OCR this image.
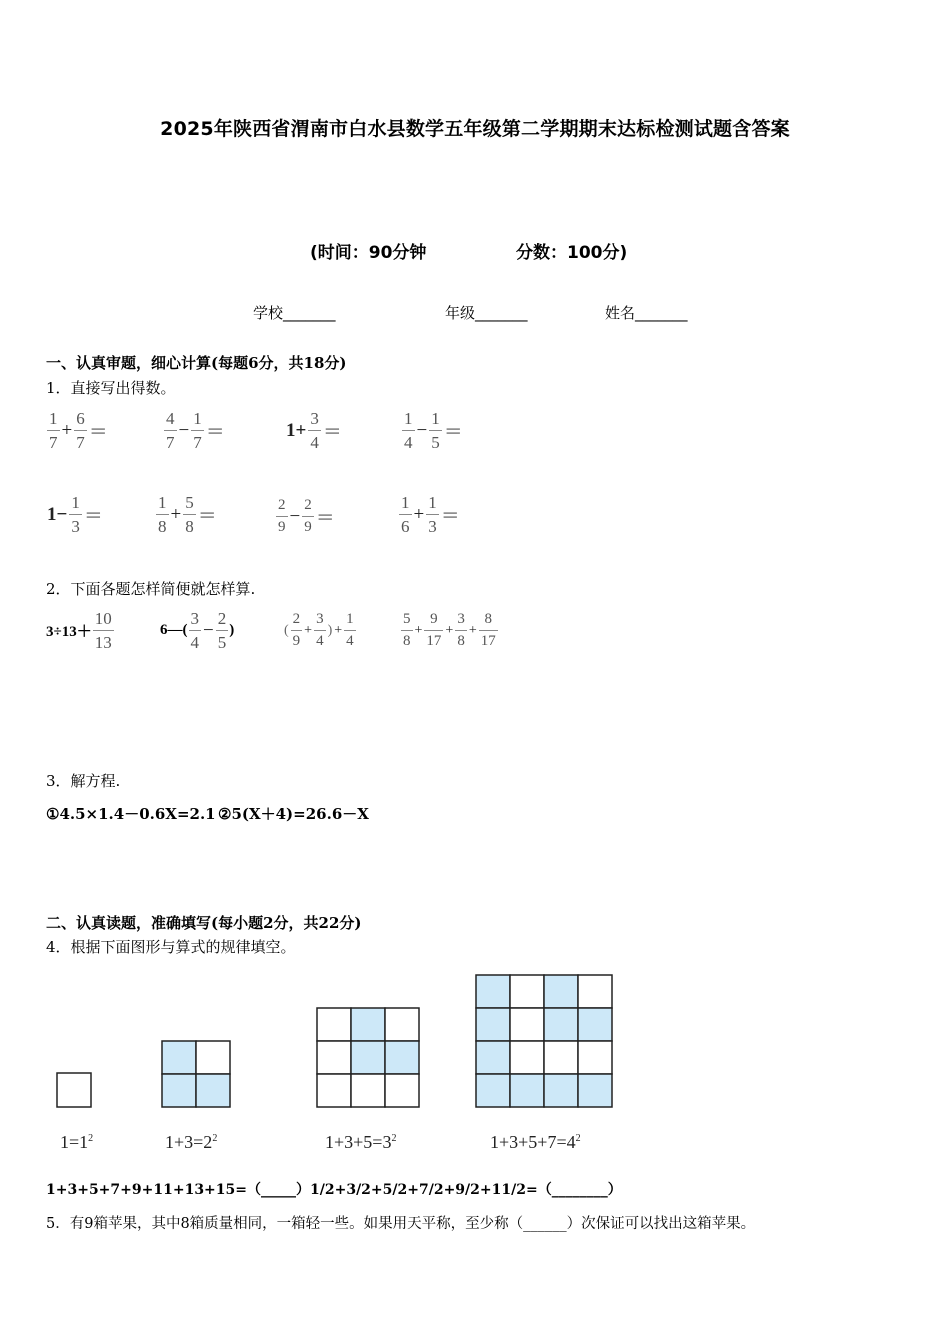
2025年陕西省渭南市白水县数学五年级第二学期期末达标检测试题含答案
(时间：90分钟	分数：100分)
学校_______	年级_______	姓名_______
一、认真审题，细心计算(每题6分，共18分)
1．直接写出得数。
$\frac{1}{7} + \frac{6}{7}$ ＝	$\frac{4}{7} - \frac{1}{7}$ ＝	$1+ \frac{3}{4}$ ＝	$\frac{1}{4} - \frac{1}{5}$ ＝
$1- \frac{1}{3}$ ＝	$\frac{1}{8} + \frac{5}{8}$ ＝	$\frac{2}{9} - \frac{2}{9}$ ＝	$\frac{1}{6} + \frac{1}{3}$ ＝
2．下面各题怎样简便就怎样算.
$3\div 13+ \frac{10}{13}$	6—( $\frac{3}{4} - \frac{2}{5}$ )	( $\frac{2}{9} + \frac{3}{4}$ ) + $\frac{1}{4}$	$\frac{5}{8} + \frac{9}{17} + \frac{3}{8} + \frac{8}{17}$
3．解方程.
①4.5×1.4－0.6X=2.1 ②5(X＋4)=26.6－X
二、认真读题，准确填写(每小题2分，共22分)
4．根据下面图形与算式的规律填空。
$1=1^2$	$1+3=2^2$	$1+3+5=3^2$	$1+3+5+7=4^2$
1+3+5+7+9+11+13+15=（_____）1/2+3/2+5/2+7/2+9/2+11/2=（________）
5．有9箱苹果，其中8箱质量相同，一箱轻一些。如果用天平称，至少称（______）次保证可以找出这箱苹果。
